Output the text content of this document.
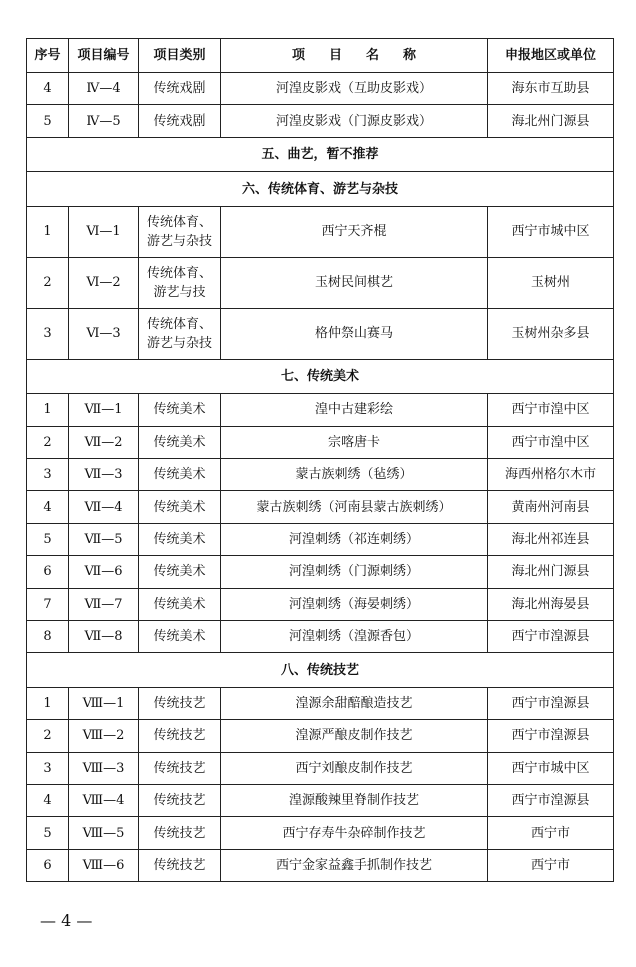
序号	项目编号	项目类别	项 目 名 称	申报地区或单位
4	Ⅳ—4	传统戏剧	河湟皮影戏（互助皮影戏）	海东市互助县
5	Ⅳ—5	传统戏剧	河湟皮影戏（门源皮影戏）	海北州门源县
五、曲艺，暂不推荐				
六、传统体育、游艺与杂技				
1	Ⅵ—1	传统体育、游艺与杂技	西宁天齐棍	西宁市城中区
2	Ⅵ—2	传统体育、游艺与技	玉树民间棋艺	玉树州
3	Ⅵ—3	传统体育、游艺与杂技	格仲祭山赛马	玉树州杂多县
七、传统美术				
1	Ⅶ—1	传统美术	湟中古建彩绘	西宁市湟中区
2	Ⅶ—2	传统美术	宗喀唐卡	西宁市湟中区
3	Ⅶ—3	传统美术	蒙古族刺绣（毡绣）	海西州格尔木市
4	Ⅶ—4	传统美术	蒙古族刺绣（河南县蒙古族刺绣）	黄南州河南县
5	Ⅶ—5	传统美术	河湟刺绣（祁连刺绣）	海北州祁连县
6	Ⅶ—6	传统美术	河湟刺绣（门源刺绣）	海北州门源县
7	Ⅶ—7	传统美术	河湟刺绣（海晏刺绣）	海北州海晏县
8	Ⅶ—8	传统美术	河湟刺绣（湟源香包）	西宁市湟源县
八、传统技艺				
1	Ⅷ—1	传统技艺	湟源余甜醅酿造技艺	西宁市湟源县
2	Ⅷ—2	传统技艺	湟源严酿皮制作技艺	西宁市湟源县
3	Ⅷ—3	传统技艺	西宁刘酿皮制作技艺	西宁市城中区
4	Ⅷ—4	传统技艺	湟源酸辣里脊制作技艺	西宁市湟源县
5	Ⅷ—5	传统技艺	西宁存寿牛杂碎制作技艺	西宁市
6	Ⅷ—6	传统技艺	西宁金家益鑫手抓制作技艺	西宁市
— 4 —
